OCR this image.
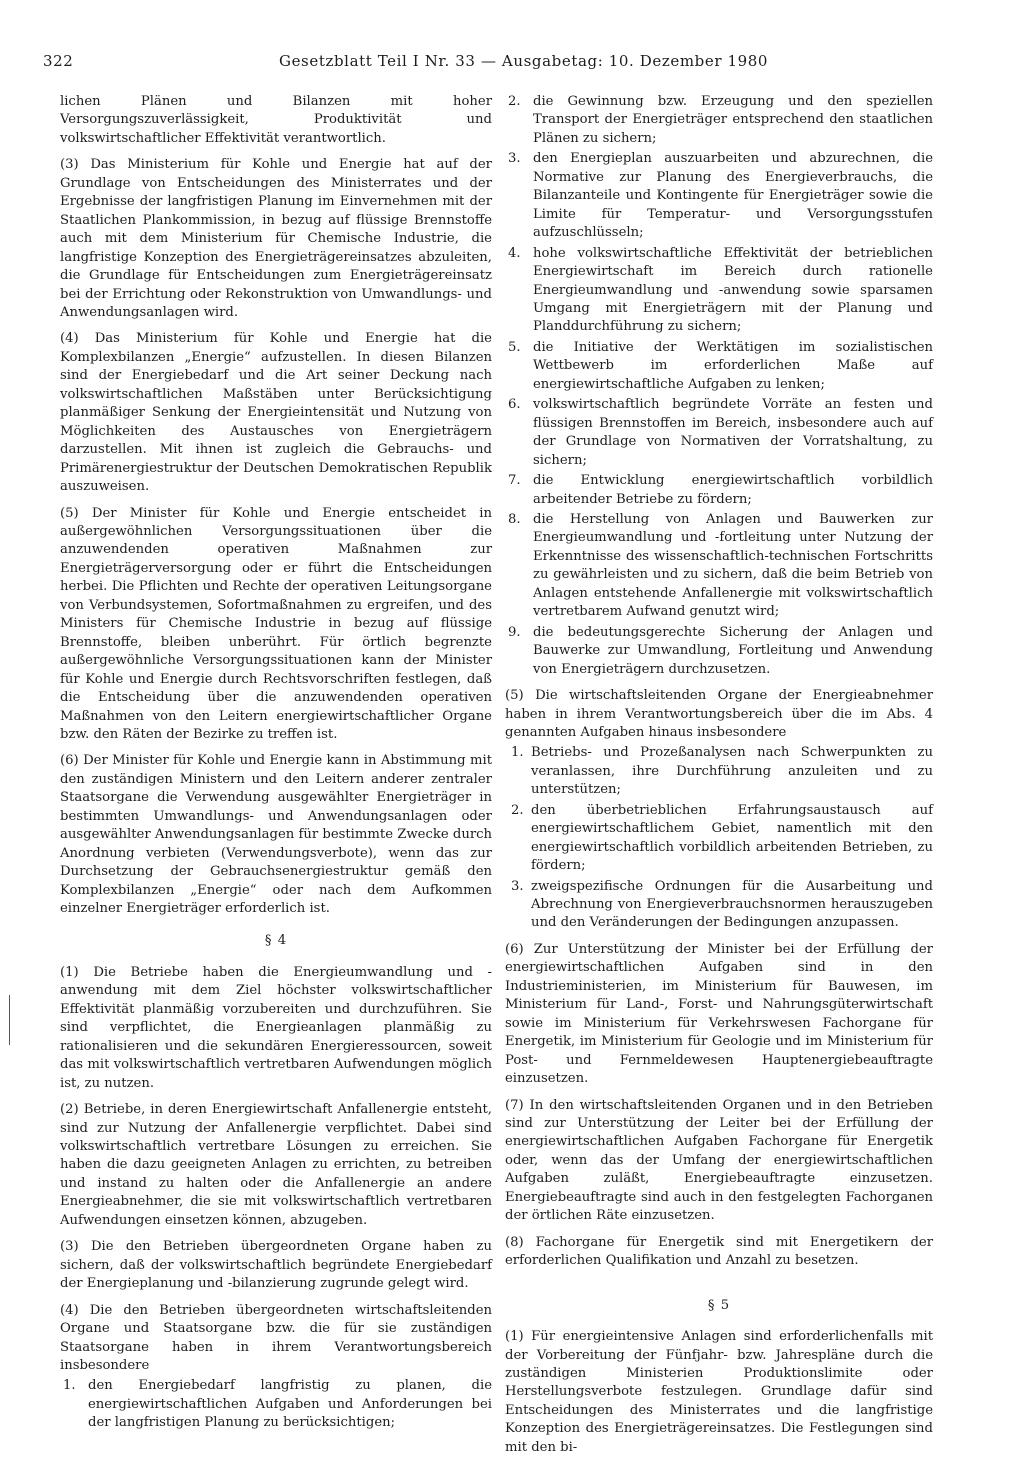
322	Gesetzblatt Teil I Nr. 33 — Ausgabetag: 10. Dezember 1980

lichen Plänen und Bilanzen mit hoher Versorgungszuverlässigkeit, Produktivität und volkswirtschaftlicher Effektivität verantwortlich.

(3) Das Ministerium für Kohle und Energie hat auf der Grundlage von Entscheidungen des Ministerrates und der Ergebnisse der langfristigen Planung im Einvernehmen mit der Staatlichen Plankommission, in bezug auf flüssige Brennstoffe auch mit dem Ministerium für Chemische Industrie, die langfristige Konzeption des Energieträgereinsatzes abzuleiten, die Grundlage für Entscheidungen zum Energieträgereinsatz bei der Errichtung oder Rekonstruktion von Umwandlungs- und Anwendungsanlagen wird.

(4) Das Ministerium für Kohle und Energie hat die Komplexbilanzen „Energie“ aufzustellen. In diesen Bilanzen sind der Energiebedarf und die Art seiner Deckung nach volkswirtschaftlichen Maßstäben unter Berücksichtigung planmäßiger Senkung der Energieintensität und Nutzung von Möglichkeiten des Austausches von Energieträgern darzustellen. Mit ihnen ist zugleich die Gebrauchs- und Primärenergiestruktur der Deutschen Demokratischen Republik auszuweisen.

(5) Der Minister für Kohle und Energie entscheidet in außergewöhnlichen Versorgungssituationen über die anzuwendenden operativen Maßnahmen zur Energieträgerversorgung oder er führt die Entscheidungen herbei. Die Pflichten und Rechte der operativen Leitungsorgane von Verbundsystemen, Sofortmaßnahmen zu ergreifen, und des Ministers für Chemische Industrie in bezug auf flüssige Brennstoffe, bleiben unberührt. Für örtlich begrenzte außergewöhnliche Versorgungssituationen kann der Minister für Kohle und Energie durch Rechtsvorschriften festlegen, daß die Entscheidung über die anzuwendenden operativen Maßnahmen von den Leitern energiewirtschaftlicher Organe bzw. den Räten der Bezirke zu treffen ist.

(6) Der Minister für Kohle und Energie kann in Abstimmung mit den zuständigen Ministern und den Leitern anderer zentraler Staatsorgane die Verwendung ausgewählter Energieträger in bestimmten Umwandlungs- und Anwendungsanlagen oder ausgewählter Anwendungsanlagen für bestimmte Zwecke durch Anordnung verbieten (Verwendungsverbote), wenn das zur Durchsetzung der Gebrauchsenergiestruktur gemäß den Komplexbilanzen „Energie“ oder nach dem Aufkommen einzelner Energieträger erforderlich ist.

§ 4

(1) Die Betriebe haben die Energieumwandlung und -anwendung mit dem Ziel höchster volkswirtschaftlicher Effektivität planmäßig vorzubereiten und durchzuführen. Sie sind verpflichtet, die Energieanlagen planmäßig zu rationalisieren und die sekundären Energieressourcen, soweit das mit volkswirtschaftlich vertretbaren Aufwendungen möglich ist, zu nutzen.

(2) Betriebe, in deren Energiewirtschaft Anfallenergie entsteht, sind zur Nutzung der Anfallenergie verpflichtet. Dabei sind volkswirtschaftlich vertretbare Lösungen zu erreichen. Sie haben die dazu geeigneten Anlagen zu errichten, zu betreiben und instand zu halten oder die Anfallenergie an andere Energieabnehmer, die sie mit volkswirtschaftlich vertretbaren Aufwendungen einsetzen können, abzugeben.

(3) Die den Betrieben übergeordneten Organe haben zu sichern, daß der volkswirtschaftlich begründete Energiebedarf der Energieplanung und -bilanzierung zugrunde gelegt wird.

(4) Die den Betrieben übergeordneten wirtschaftsleitenden Organe und Staatsorgane bzw. die für sie zuständigen Staatsorgane haben in ihrem Verantwortungsbereich insbesondere

1. den Energiebedarf langfristig zu planen, die energiewirtschaftlichen Aufgaben und Anforderungen bei der langfristigen Planung zu berücksichtigen;
2. die Gewinnung bzw. Erzeugung und den speziellen Transport der Energieträger entsprechend den staatlichen Plänen zu sichern;
3. den Energieplan auszuarbeiten und abzurechnen, die Normative zur Planung des Energieverbrauchs, die Bilanzanteile und Kontingente für Energieträger sowie die Limite für Temperatur- und Versorgungsstufen aufzuschlüsseln;
4. hohe volkswirtschaftliche Effektivität der betrieblichen Energiewirtschaft im Bereich durch rationelle Energieumwandlung und -anwendung sowie sparsamen Umgang mit Energieträgern mit der Planung und Planddurchführung zu sichern;
5. die Initiative der Werktätigen im sozialistischen Wettbewerb im erforderlichen Maße auf energiewirtschaftliche Aufgaben zu lenken;
6. volkswirtschaftlich begründete Vorräte an festen und flüssigen Brennstoffen im Bereich, insbesondere auch auf der Grundlage von Normativen der Vorratshaltung, zu sichern;
7. die Entwicklung energiewirtschaftlich vorbildlich arbeitender Betriebe zu fördern;
8. die Herstellung von Anlagen und Bauwerken zur Energieumwandlung und -fortleitung unter Nutzung der Erkenntnisse des wissenschaftlich-technischen Fortschritts zu gewährleisten und zu sichern, daß die beim Betrieb von Anlagen entstehende Anfallenergie mit volkswirtschaftlich vertretbarem Aufwand genutzt wird;
9. die bedeutungsgerechte Sicherung der Anlagen und Bauwerke zur Umwandlung, Fortleitung und Anwendung von Energieträgern durchzusetzen.

(5) Die wirtschaftsleitenden Organe der Energieabnehmer haben in ihrem Verantwortungsbereich über die im Abs. 4 genannten Aufgaben hinaus insbesondere

1. Betriebs- und Prozeßanalysen nach Schwerpunkten zu veranlassen, ihre Durchführung anzuleiten und zu unterstützen;
2. den überbetrieblichen Erfahrungsaustausch auf energiewirtschaftlichem Gebiet, namentlich mit den energiewirtschaftlich vorbildlich arbeitenden Betrieben, zu fördern;
3. zweigspezifische Ordnungen für die Ausarbeitung und Abrechnung von Energieverbrauchsnormen herauszugeben und den Veränderungen der Bedingungen anzupassen.

(6) Zur Unterstützung der Minister bei der Erfüllung der energiewirtschaftlichen Aufgaben sind in den Industrieministerien, im Ministerium für Bauwesen, im Ministerium für Land-, Forst- und Nahrungsgüterwirtschaft sowie im Ministerium für Verkehrswesen Fachorgane für Energetik, im Ministerium für Geologie und im Ministerium für Post- und Fernmeldewesen Hauptenergiebeauftragte einzusetzen.

(7) In den wirtschaftsleitenden Organen und in den Betrieben sind zur Unterstützung der Leiter bei der Erfüllung der energiewirtschaftlichen Aufgaben Fachorgane für Energetik oder, wenn das der Umfang der energiewirtschaftlichen Aufgaben zuläßt, Energiebeauftragte einzusetzen. Energiebeauftragte sind auch in den festgelegten Fachorganen der örtlichen Räte einzusetzen.

(8) Fachorgane für Energetik sind mit Energetikern der erforderlichen Qualifikation und Anzahl zu besetzen.

§ 5

(1) Für energieintensive Anlagen sind erforderlichenfalls mit der Vorbereitung der Fünfjahr- bzw. Jahrespläne durch die zuständigen Ministerien Produktionslimite oder Herstellungsverbote festzulegen. Grundlage dafür sind Entscheidungen des Ministerrates und die langfristige Konzeption des Energieträgereinsatzes. Die Festlegungen sind mit den bi-
